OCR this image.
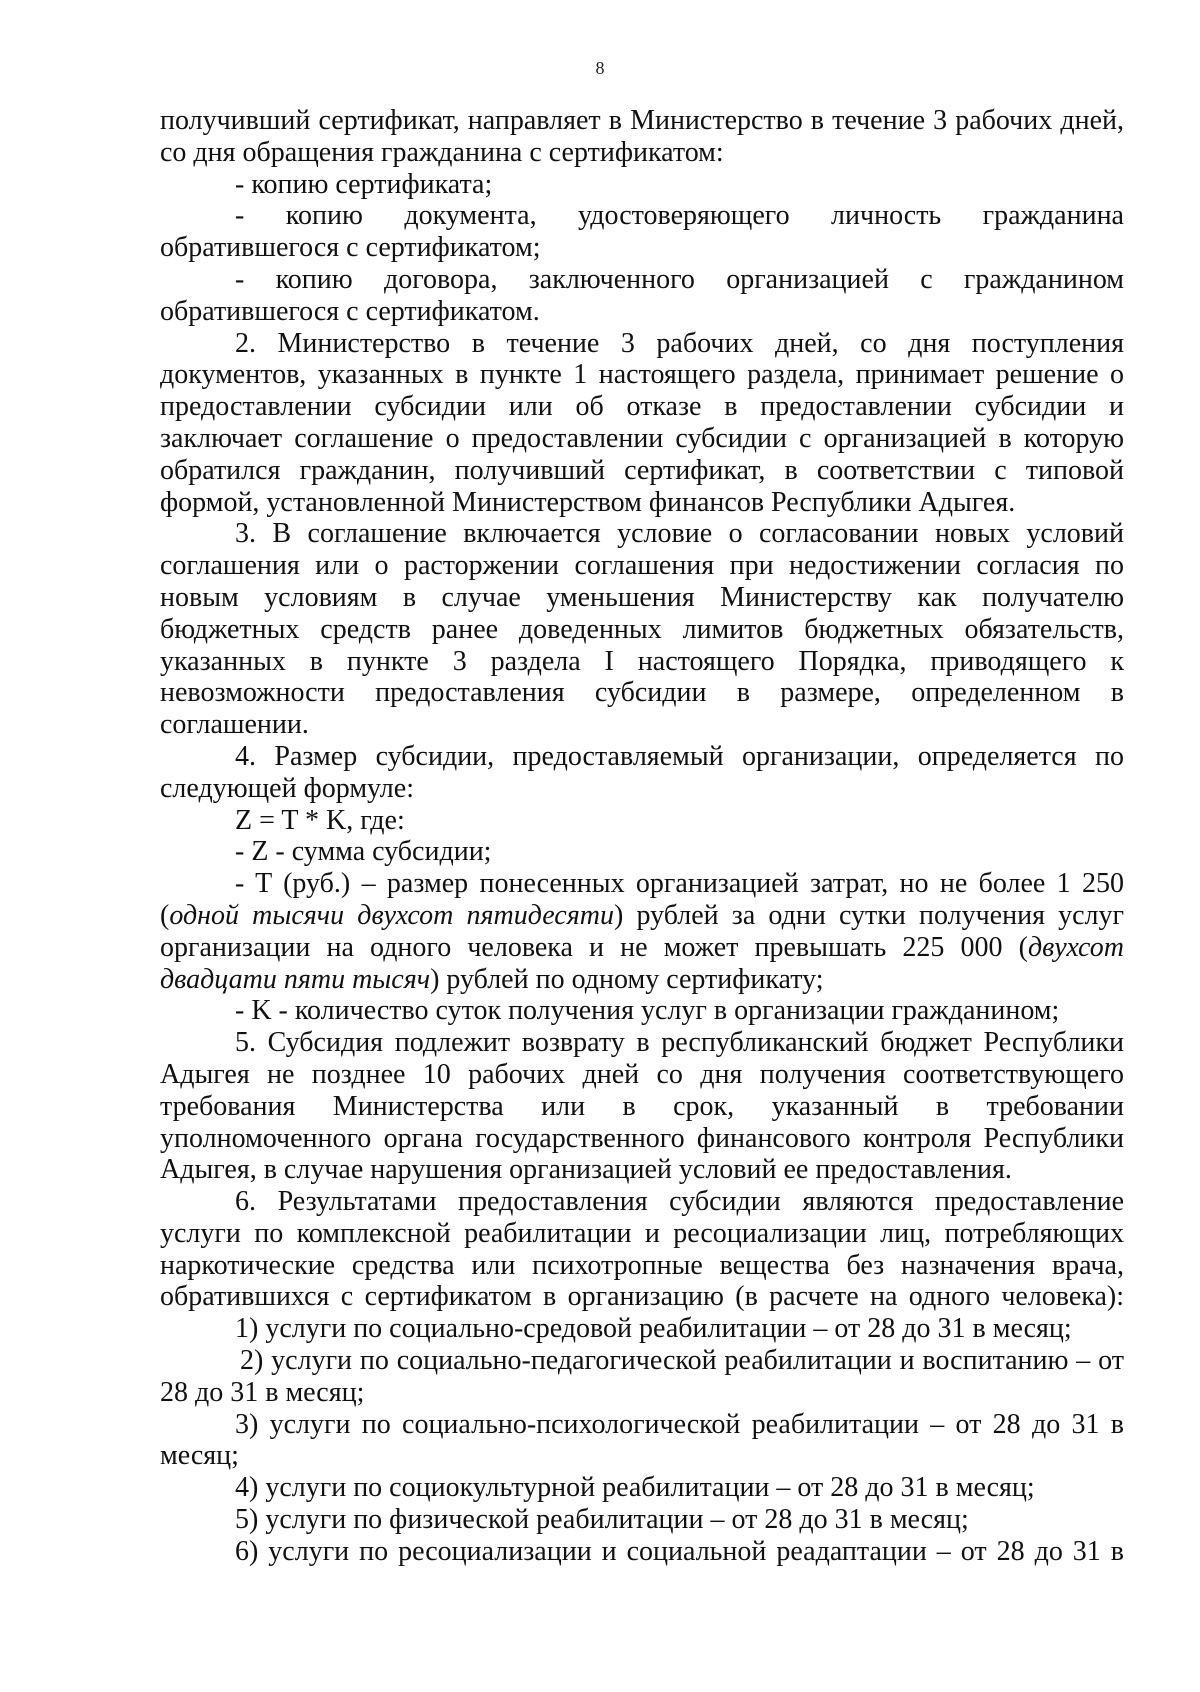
8
получивший сертификат, направляет в Министерство в течение 3 рабочих дней,
со дня обращения гражданина с сертификатом:
- копию сертификата;
- копию документа, удостоверяющего личность гражданина
обратившегося с сертификатом;
- копию договора, заключенного организацией с гражданином
обратившегося с сертификатом.
2. Министерство в течение 3 рабочих дней, со дня поступления
документов, указанных в пункте 1 настоящего раздела, принимает решение о
предоставлении субсидии или об отказе в предоставлении субсидии и
заключает соглашение о предоставлении субсидии с организацией в которую
обратился гражданин, получивший сертификат, в соответствии с типовой
формой, установленной Министерством финансов Республики Адыгея.
3. В соглашение включается условие о согласовании новых условий
соглашения или о расторжении соглашения при недостижении согласия по
новым условиям в случае уменьшения Министерству как получателю
бюджетных средств ранее доведенных лимитов бюджетных обязательств,
указанных в пункте 3 раздела I настоящего Порядка, приводящего к
невозможности предоставления субсидии в размере, определенном в
соглашении.
4. Размер субсидии, предоставляемый организации, определяется по
следующей формуле:
Z = T * K, где:
- Z - сумма субсидии;
- T (руб.) – размер понесенных организацией затрат, но не более 1 250
(одной тысячи двухсот пятидесяти) рублей за одни сутки получения услуг
организации на одного человека и не может превышать 225 000 (двухсот
двадцати пяти тысяч) рублей по одному сертификату;
- K - количество суток получения услуг в организации гражданином;
5. Субсидия подлежит возврату в республиканский бюджет Республики
Адыгея не позднее 10 рабочих дней со дня получения соответствующего
требования Министерства или в срок, указанный в требовании
уполномоченного органа государственного финансового контроля Республики
Адыгея, в случае нарушения организацией условий ее предоставления.
6. Результатами предоставления субсидии являются предоставление
услуги по комплексной реабилитации и ресоциализации лиц, потребляющих
наркотические средства или психотропные вещества без назначения врача,
обратившихся с сертификатом в организацию (в расчете на одного человека):
1) услуги по социально-средовой реабилитации – от 28 до 31 в месяц;
2) услуги по социально-педагогической реабилитации и воспитанию – от
28 до 31 в месяц;
3) услуги по социально-психологической реабилитации – от 28 до 31 в
месяц;
4) услуги по социокультурной реабилитации – от 28 до 31 в месяц;
5) услуги по физической реабилитации – от 28 до 31 в месяц;
6) услуги по ресоциализации и социальной реадаптации – от 28 до 31 в
